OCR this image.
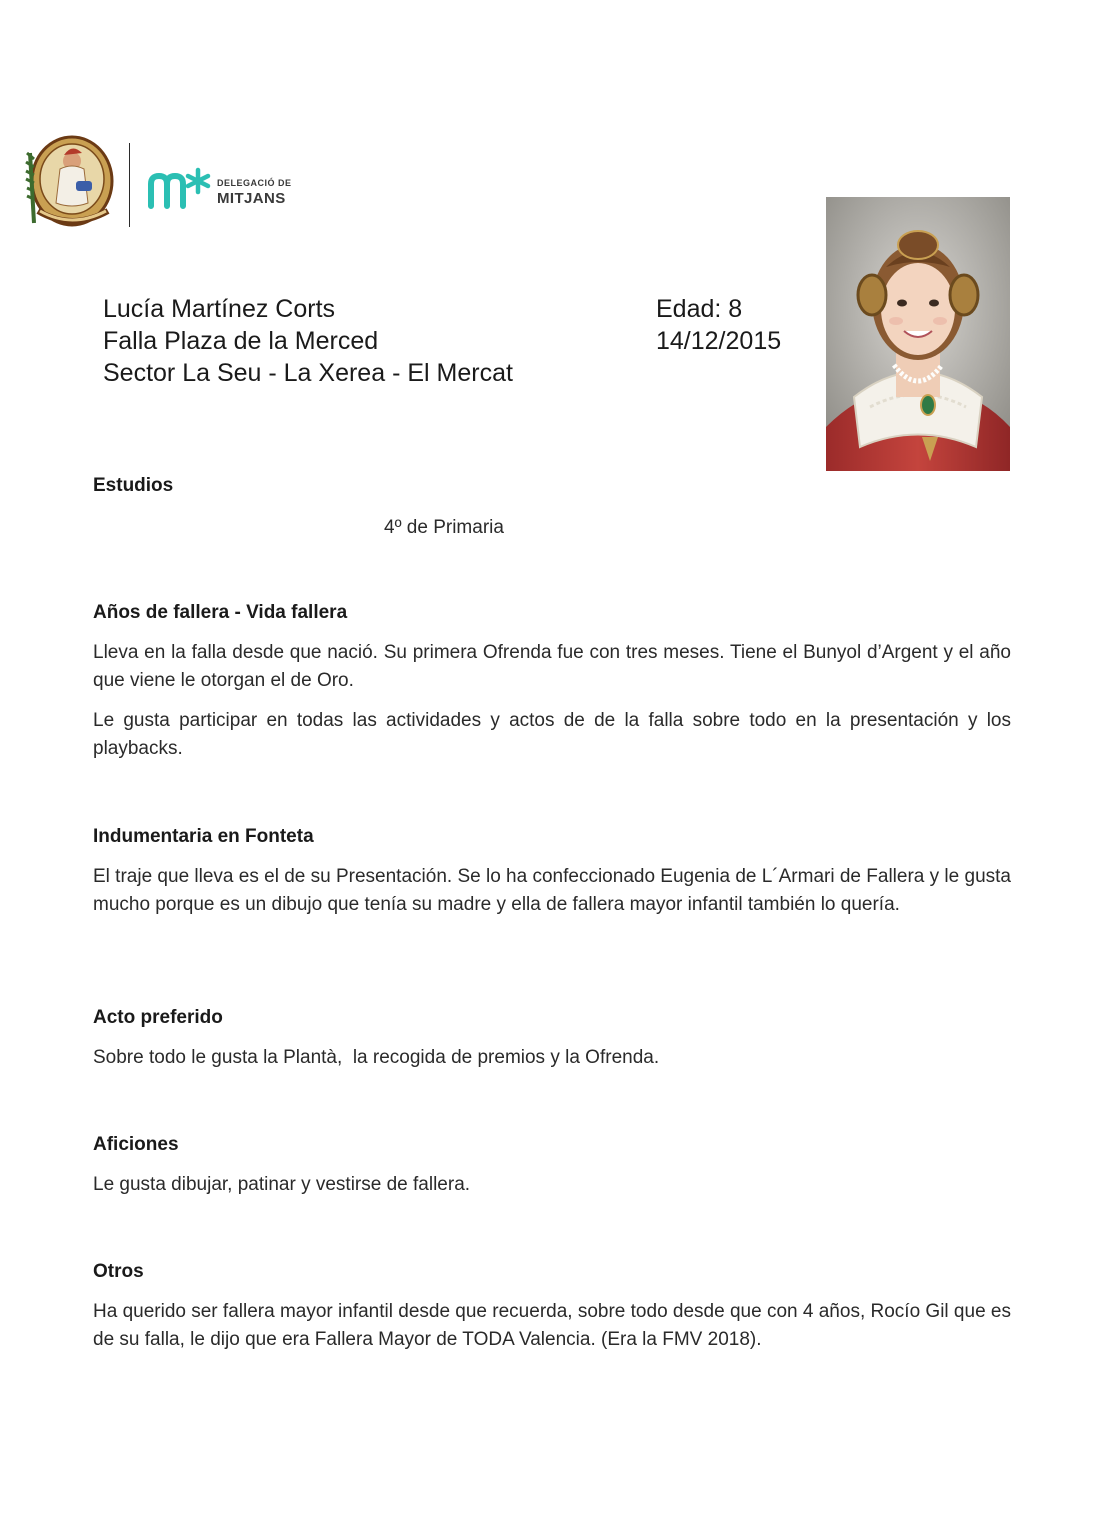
DELEGACIÓ DE
MITJANS
Lucía Martínez Corts
Falla Plaza de la Merced
Sector La Seu - La Xerea - El Mercat
Edad: 8
14/12/2015
Estudios
4º de Primaria
Años de fallera - Vida fallera

Lleva en la falla desde que nació. Su primera Ofrenda fue con tres meses. Tiene el Bunyol d’Argent y el año que viene le otorgan el de Oro.

Le gusta participar en todas las actividades y actos de de la falla sobre todo en la presentación y los playbacks.

Indumentaria en Fonteta

El traje que lleva es el de su Presentación. Se lo ha confeccionado Eugenia de L´Armari de Fallera y le gusta mucho porque es un dibujo que tenía su madre y ella de fallera mayor infantil también lo quería.

Acto preferido

Sobre todo le gusta la Plantà,  la recogida de premios y la Ofrenda.

Aficiones

Le gusta dibujar, patinar y vestirse de fallera.

Otros

Ha querido ser fallera mayor infantil desde que recuerda, sobre todo desde que con 4 años, Rocío Gil que es de su falla, le dijo que era Fallera Mayor de TODA Valencia. (Era la FMV 2018).
